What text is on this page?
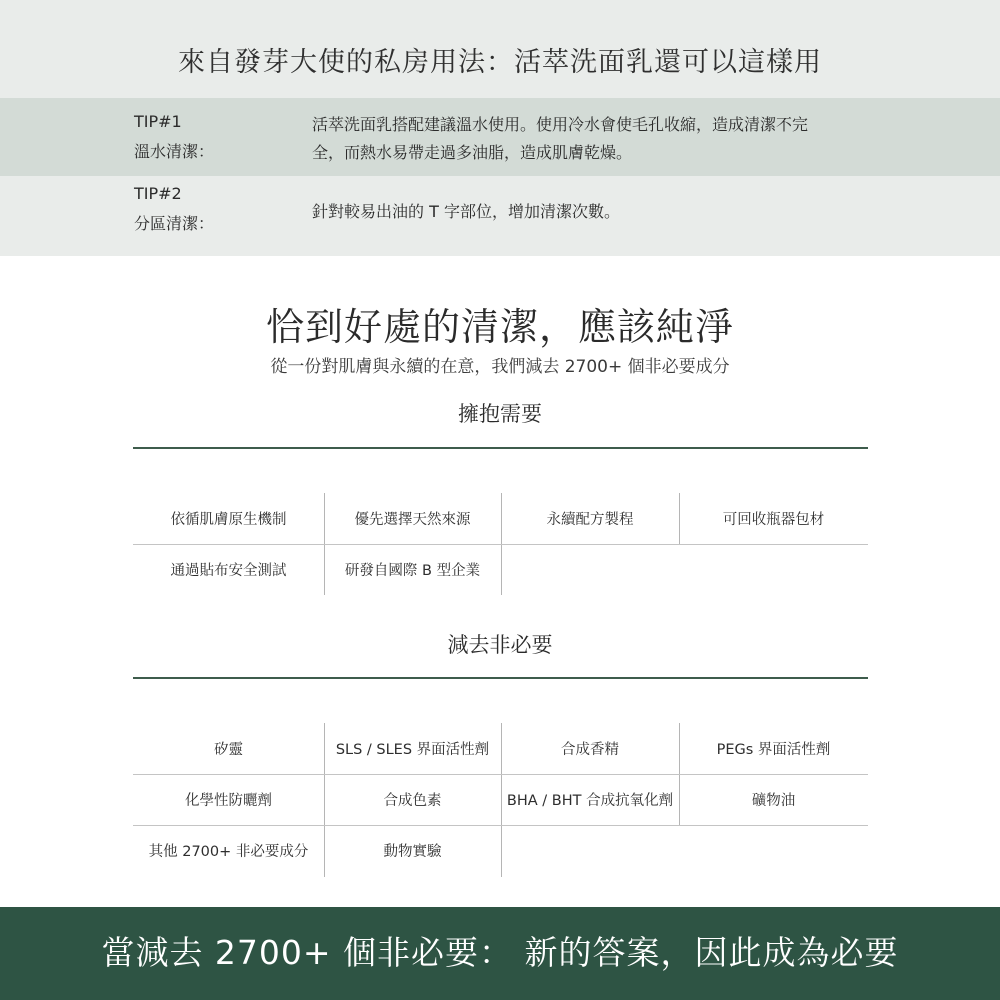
來自發芽大使的私房用法：活萃洗面乳還可以這樣用
TIP#1
溫水清潔：
活萃洗面乳搭配建議溫水使用。使用冷水會使毛孔收縮，造成清潔不完
全，而熱水易帶走過多油脂，造成肌膚乾燥。
TIP#2
分區清潔：
針對較易出油的 T 字部位，增加清潔次數。
恰到好處的清潔，應該純淨
從一份對肌膚與永續的在意，我們減去 2700+ 個非必要成分
擁抱需要
依循肌膚原生機制	優先選擇天然來源	永續配方製程	可回收瓶器包材
通過貼布安全測試	研發自國際 B 型企業
減去非必要
矽靈	SLS / SLES 界面活性劑	合成香精	PEGs 界面活性劑
化學性防曬劑	合成色素	BHA / BHT 合成抗氧化劑	礦物油
其他 2700+ 非必要成分	動物實驗
當減去 2700+ 個非必要： 新的答案，因此成為必要
